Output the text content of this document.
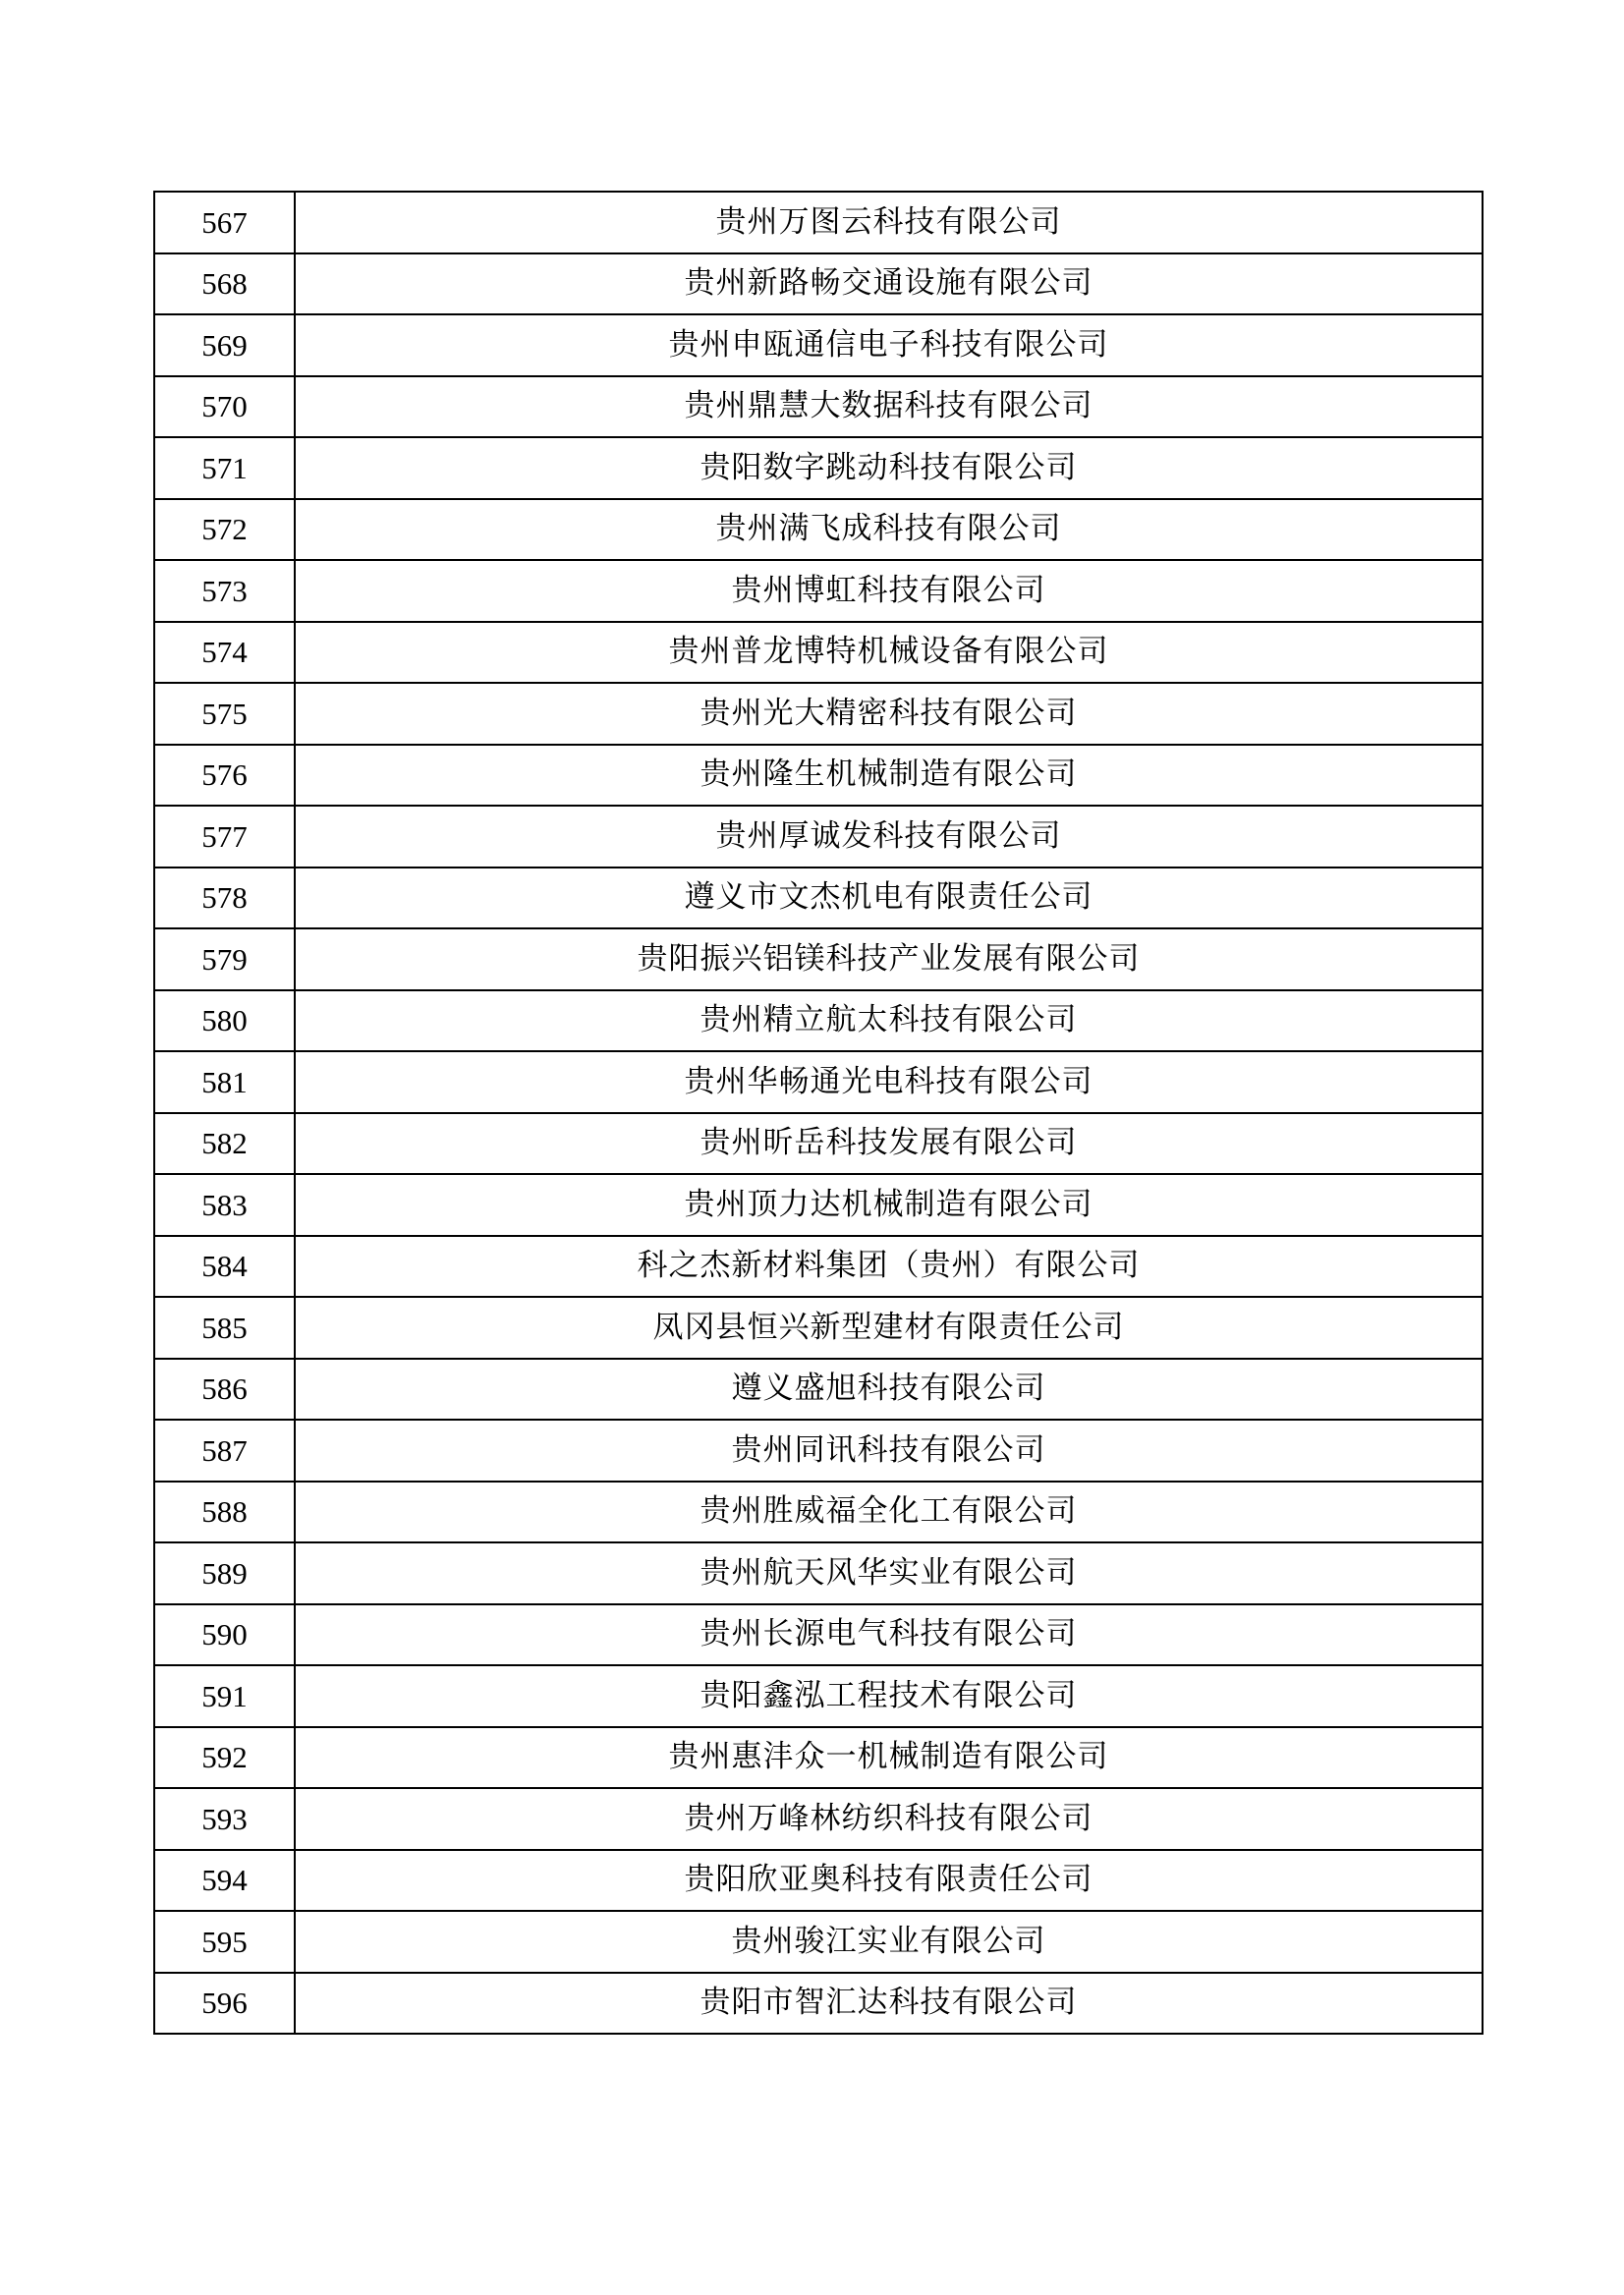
567	贵州万图云科技有限公司
568	贵州新路畅交通设施有限公司
569	贵州申瓯通信电子科技有限公司
570	贵州鼎慧大数据科技有限公司
571	贵阳数字跳动科技有限公司
572	贵州满飞成科技有限公司
573	贵州博虹科技有限公司
574	贵州普龙博特机械设备有限公司
575	贵州光大精密科技有限公司
576	贵州隆生机械制造有限公司
577	贵州厚诚发科技有限公司
578	遵义市文杰机电有限责任公司
579	贵阳振兴铝镁科技产业发展有限公司
580	贵州精立航太科技有限公司
581	贵州华畅通光电科技有限公司
582	贵州昕岳科技发展有限公司
583	贵州顶力达机械制造有限公司
584	科之杰新材料集团（贵州）有限公司
585	凤冈县恒兴新型建材有限责任公司
586	遵义盛旭科技有限公司
587	贵州同讯科技有限公司
588	贵州胜威福全化工有限公司
589	贵州航天风华实业有限公司
590	贵州长源电气科技有限公司
591	贵阳鑫泓工程技术有限公司
592	贵州惠沣众一机械制造有限公司
593	贵州万峰林纺织科技有限公司
594	贵阳欣亚奥科技有限责任公司
595	贵州骏江实业有限公司
596	贵阳市智汇达科技有限公司
